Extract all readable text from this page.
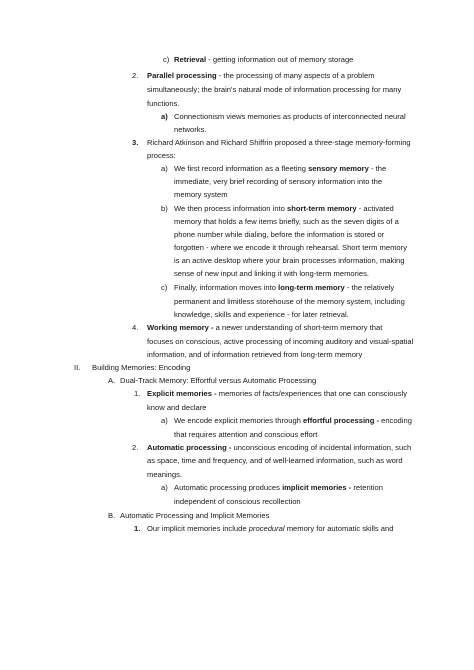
c) Retrieval - getting information out of memory storage
2. Parallel processing - the processing of many aspects of a problem
simultaneously; the brain's natural mode of information processing for many
functions.
a) Connectionism views memories as products of interconnected neural
networks.
3. Richard Atkinson and Richard Shiffrin proposed a three-stage memory-forming
process:
a) We first record information as a fleeting sensory memory - the
immediate, very brief recording of sensory information into the
memory system
b) We then process information into short-term memory - activated
memory that holds a few items briefly, such as the seven digits of a
phone number while dialing, before the information is stored or
forgotten - where we encode it through rehearsal. Short term memory
is an active desktop where your brain processes information, making
sense of new input and linking it with long-term memories.
c) Finally, information moves into long-term memory - the relatively
permanent and limitless storehouse of the memory system, including
knowledge, skills and experience - for later retrieval.
4. Working memory - a newer understanding of short-term memory that
focuses on conscious, active processing of incoming auditory and visual-spatial
information, and of information retrieved from long-term memory
II. Building Memories: Encoding
A. Dual-Track Memory: Effortful versus Automatic Processing
1. Explicit memories - memories of facts/experiences that one can consciously
know and declare
a) We encode explicit memories through effortful processing - encoding
that requires attention and conscious effort
2. Automatic processing - unconscious encoding of incidental information, such
as space, time and frequency, and of well-learned information, such as word
meanings.
a) Automatic processing produces implicit memories - retention
independent of conscious recollection
B. Automatic Processing and Implicit Memories
1. Our implicit memories include procedural memory for automatic skills and
